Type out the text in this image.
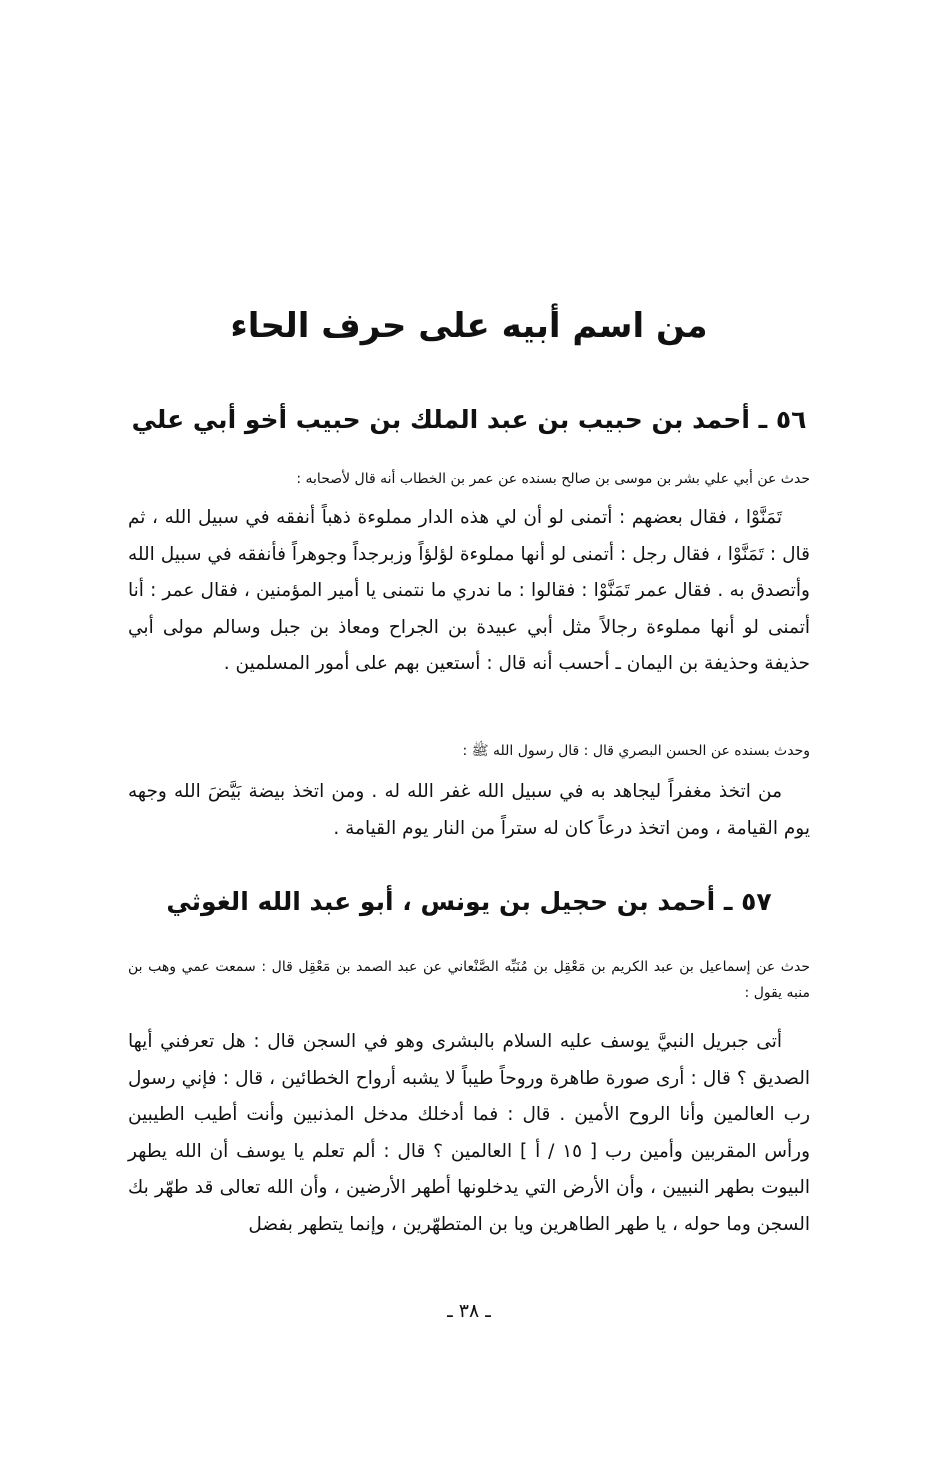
من اسم أبيه على حرف الحاء
٥٦ ـ أحمد بن حبيب بن عبد الملك بن حبيب أخو أبي علي

حدث عن أبي علي بشر بن موسى بن صالح بسنده عن عمر بن الخطاب أنه قال لأصحابه :

تَمَنَّوْا ، فقال بعضهم : أتمنى لو أن لي هذه الدار مملوءة ذهباً أنفقه في سبيل الله ، ثم قال : تَمَنَّوْا ، فقال رجل : أتمنى لو أنها مملوءة لؤلؤاً وزبرجداً وجوهراً فأنفقه في سبيل الله وأتصدق به . فقال عمر تَمَنَّوْا : فقالوا : ما ندري ما نتمنى يا أمير المؤمنين ، فقال عمر : أنا أتمنى لو أنها مملوءة رجالاً مثل أبي عبيدة بن الجراح ومعاذ بن جبل وسالم مولى أبي حذيفة وحذيفة بن اليمان ـ أحسب أنه قال : أستعين بهم على أمور المسلمين .

وحدث بسنده عن الحسن البصري قال : قال رسول الله ﷺ :

من اتخذ مغفراً ليجاهد به في سبيل الله غفر الله له . ومن اتخذ بيضة بَيَّضَ الله وجهه يوم القيامة ، ومن اتخذ درعاً كان له ستراً من النار يوم القيامة .

٥٧ ـ أحمد بن حجيل بن يونس ، أبو عبد الله الغوثي

حدث عن إسماعيل بن عبد الكريم بن مَعْقِل بن مُنَبِّه الصَّنْعاني عن عبد الصمد بن مَعْقِل قال : سمعت عمي وهب بن منبه يقول :

أتى جبريل النبيَّ يوسف عليه السلام بالبشرى وهو في السجن قال : هل تعرفني أيها الصديق ؟ قال : أرى صورة طاهرة وروحاً طيباً لا يشبه أرواح الخطائين ، قال : فإني رسول رب العالمين وأنا الروح الأمين . قال : فما أدخلك مدخل المذنبين وأنت أطيب الطيبين ورأس المقربين وأمين رب [ ١٥ / أ ] العالمين ؟ قال : ألم تعلم يا يوسف أن الله يطهر البيوت بطهر النبيين ، وأن الأرض التي يدخلونها أطهر الأرضين ، وأن الله تعالى قد طهّر بك السجن وما حوله ، يا طهر الطاهرين ويا بن المتطهّرين ، وإنما يتطهر بفضل

ـ ٣٨ ـ
